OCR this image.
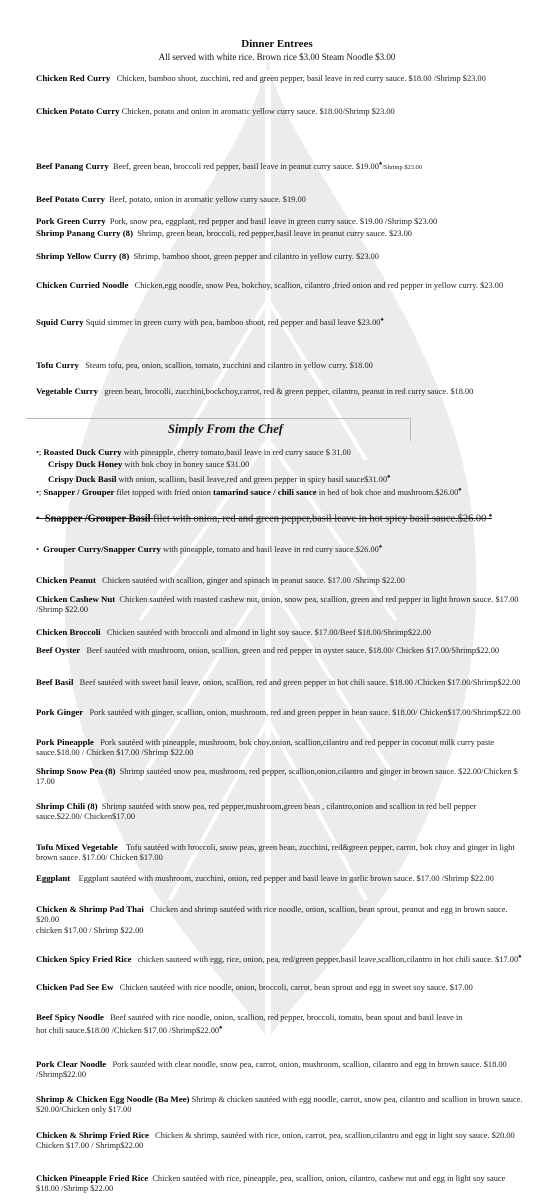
Dinner Entrees
All served with white rice. Brown rice $3.00 Steam Noodle $3.00
Chicken Red Curry Chicken, bamboo shoot, zucchini, red and green pepper, basil leave in red curry sauce. $18.00 /Shrimp $23.00
Chicken Potato Curry Chicken, potato and onion in aromatic yellow curry sauce. $18.00/Shrimp $23.00
Beef Panang Curry Beef, green bean, broccoli red pepper, basil leave in peanut curry sauce. $19.00♠/Shrimp $23.00
Beef Potato Curry Beef, potato, onion in aromatic yellow curry sauce. $19.00
Pork Green Curry Pork, snow pea, eggplant, red pepper and basil leave in green curry sauce. $19.00 /Shrimp $23.00
Shrimp Panang Curry (8) Shrimp, green bean, broccoli, red pepper,basil leave in peanut curry sauce. $23.00
Shrimp Yellow Curry (8) Shrimp, bamboo shoot, green pepper and cilantro in yellow curry. $23.00
Chicken Curried Noodle Chicken,egg noodle, snow Pea, bokchoy, scallion, cilantro ,fried onion and red pepper in yellow curry. $23.00
Squid Curry Squid simmer in green curry with pea, bamboo shoot, red pepper and basil leave $23.00♠
Tofu Curry Steam tofu, pea, onion, scallion, tomato, zucchini and cilantro in yellow curry. $18.00
Vegetable Curry green bean, brocolli, zucchini,bockchoy,carrot, red & green pepper, cilantro, peanut in red curry sauce. $18.00
Simply From the Chef
•; Roasted Duck Curry with pineapple, cherry tomato,basil leave in red curry sauce $ 31.00
Crispy Duck Honey with bok choy in honey sauce $31.00
Crispy Duck Basil with onion, scallion, basil leave,red and green pepper in spicy basil sauce$31.00♠
•; Snapper / Grouper filet topped with fried onion tamarind sauce / chili sauce in bed of bok choe and mushroom.$26.00♠
• Snapper /Grouper Basil filet with onion, red and green pepper,basil leave in hot spicy basil sauce.$26.00 ♠
• Grouper Curry/Snapper Curry with pineapple, tomato and basil leave in red curry sauce.$26.00♠
Chicken Peanut Chicken sautéed with scallion, ginger and spinach in peanut sauce. $17.00 /Shrimp $22.00
Chicken Cashew Nut Chicken sautéed with roasted cashew nut, onion, snow pea, scallion, green and red pepper in light brown sauce. $17.00 /Shrimp $22.00
Chicken Broccoli Chicken sautéed with broccoli and almond in light soy sauce. $17.00/Beef $18.00/Shrimp$22.00
Beef Oyster Beef sautéed with mushroom, onion, scallion, green and red pepper in oyster sauce. $18.00/ Chicken $17.00/Shrimp$22.00
Beef Basil Beef sautéed with sweet basil leave, onion, scallion, red and green pepper in hot chili sauce. $18.00 /Chicken $17.00/Shrimp$22.00
Pork Ginger Pork sautéed with ginger, scallion, onion, mushroom, red and green pepper in bean sauce. $18.00/ Chicken$17.00/Shrimp$22.00
Pork Pineapple Pork sautéed with pineapple, mushroom, bok choy,onion, scallion,cilantro and red pepper in coconut milk curry paste sauce.$18.00 / Chicken $17.00 /Shrimp $22.00
Shrimp Snow Pea (8) Shrimp sautéed snow pea, mushroom, red pepper, scallion,onion,cilantro and ginger in brown sauce. $22.00/Chicken $ 17.00
Shrimp Chili (8) Shrimp sautéed with snow pea, red pepper,mushroom,green bean , cilantro,onion and scallion in red bell pepper sauce.$22.00/ Chicken$17.00
Tofu Mixed Vegetable Tofu sautéed with broccoli, snow peas, green bean, zucchini, red&green pepper, carrot, bok choy and ginger in light brown sauce. $17.00/ Chicken $17.00
Eggplant Eggplant sautéed with mushroom, zucchini, onion, red pepper and basil leave in garlic brown sauce. $17.00 /Shrimp $22.00
Chicken & Shrimp Pad Thai Chicken and shrimp sautéed with rice noodle, onion, scallion, bean sprout, peanut and egg in brown sauce. $20.00
chicken $17.00 / Shrimp $22.00
Chicken Spicy Fried Rice chicken sauteed with egg, rice, onion, pea, red/green pepper,basil leave,scallion,cilantro in hot chili sauce. $17.00♠
Chicken Pad See Ew Chicken sautéed with rice noodle, onion, broccoli, carrot, bean sprout and egg in sweet soy sauce. $17.00
Beef Spicy Noodle Beef sautéed with rice noodle, onion, scallion, red pepper, broccoli, tomato, bean spout and basil leave in
hot chili sauce.$18.00 /Chicken $17.00 /Shrimp$22.00♠
Pork Clear Noodle Pork sautéed with clear noodle, snow pea, carrot, onion, mushroom, scallion, cilantro and egg in brown sauce. $18.00 /Shrimp$22.00
Shrimp & Chicken Egg Noodle (Ba Mee) Shrimp & chicken sautéed with egg noodle, carrot, snow pea, cilantro and scallion in brown sauce. $20.00/Chicken only $17.00
Chicken & Shrimp Fried Rice Chicken & shrimp, sautéed with rice, onion, carrot, pea, scallion,cilantro and egg in light soy sauce. $20.00
Chicken $17.00 / Shrimp$22.00
Chicken Pineapple Fried Rice Chicken sautéed with rice, pineapple, pea, scallion, onion, cilantro, cashew nut and egg in light soy sauce $18.00 /Shrimp $22.00
